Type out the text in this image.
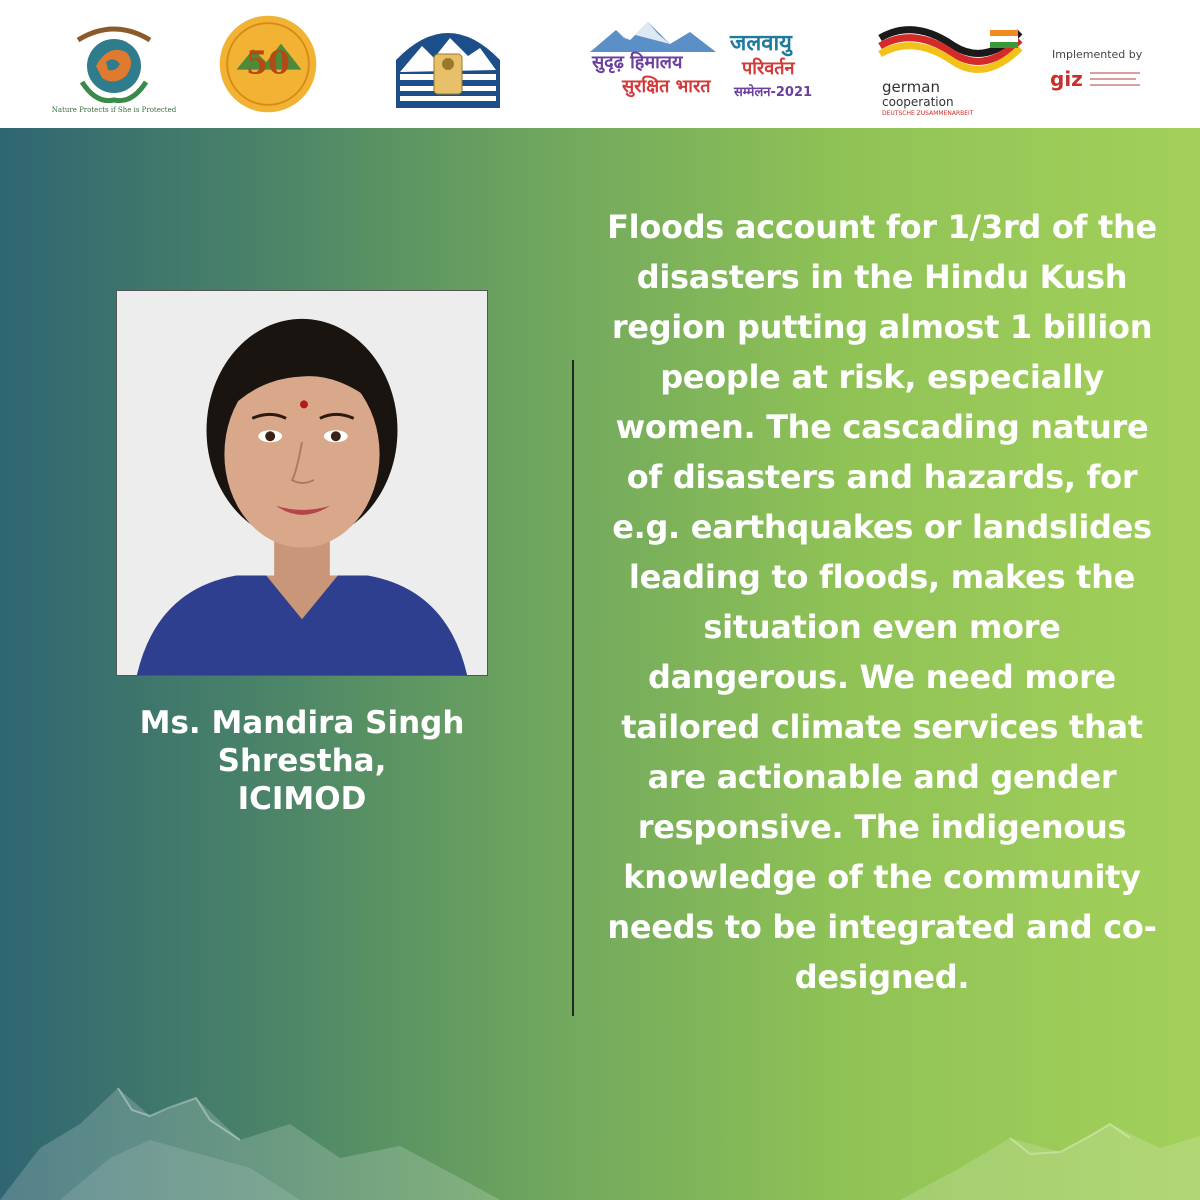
Nature Protects if She is Protected
50	सुदृढ़ हिमालय
सुरक्षित भारत
जलवायु
परिवर्तन
सम्मेलन-2021	german
cooperation
DEUTSCHE ZUSAMMENARBEIT
Implemented by
giz
Ms. Mandira Singh
Shrestha,
ICIMOD
Floods account for 1/3rd of the disasters in the Hindu Kush region putting almost 1 billion people at risk, especially women. The cascading nature of disasters and hazards, for e.g. earthquakes or landslides leading to floods, makes the situation even more dangerous. We need more tailored climate services that are actionable and gender responsive. The indigenous knowledge of the community needs to be integrated and co-designed.
